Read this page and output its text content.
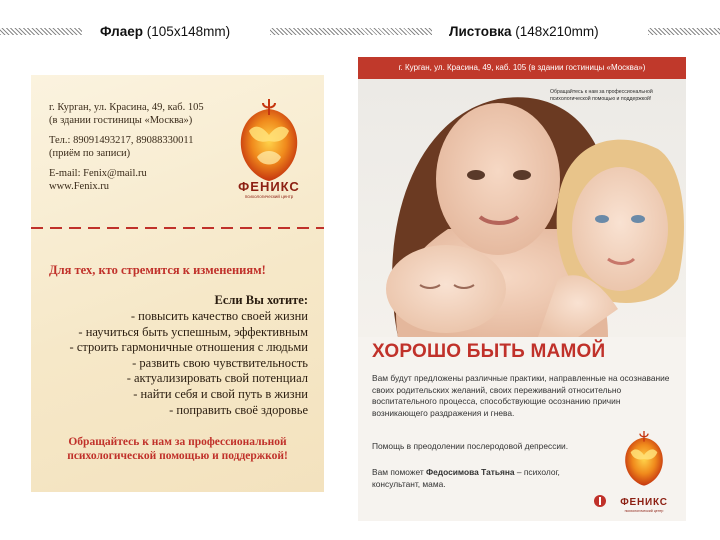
Флаер (105х148mm)	Листовка (148х210mm)
г. Курган, ул. Красина, 49, каб. 105
(в здании гостиницы «Москва»)
Тел.: 89091493217, 89088330011
(приём по записи)
E-mail: Fenix@mail.ru
www.Fenix.ru	ФЕНИКС
психологический центр
Для тех, кто стремится к изменениям!
Если Вы хотите:
- повысить качество своей жизни
- научиться быть успешным, эффективным
- строить гармоничные отношения с людьми
- развить свою чувствительность
- актуализировать свой потенциал
- найти себя и свой путь в жизни
- поправить своё здоровье
Обращайтесь к нам за профессиональной
психологической помощью и поддержкой!
г. Курган, ул. Красина, 49, каб. 105 (в здании гостиницы «Москва»)
Обращайтесь к нам за профессиональной психологической помощью и поддержкой!
ХОРОШО БЫТЬ МАМОЙ
Вам будут предложены различные практики, направленные на осознавание своих родительских желаний, своих переживаний относительно воспитательного процесса, способствующие осознанию причин возникающего раздражения и гнева.
Помощь в преодолении послеродовой депрессии.
Вам поможет Федосимова Татьяна – психолог, консультант, мама.
ФЕНИКС
психологический центр
